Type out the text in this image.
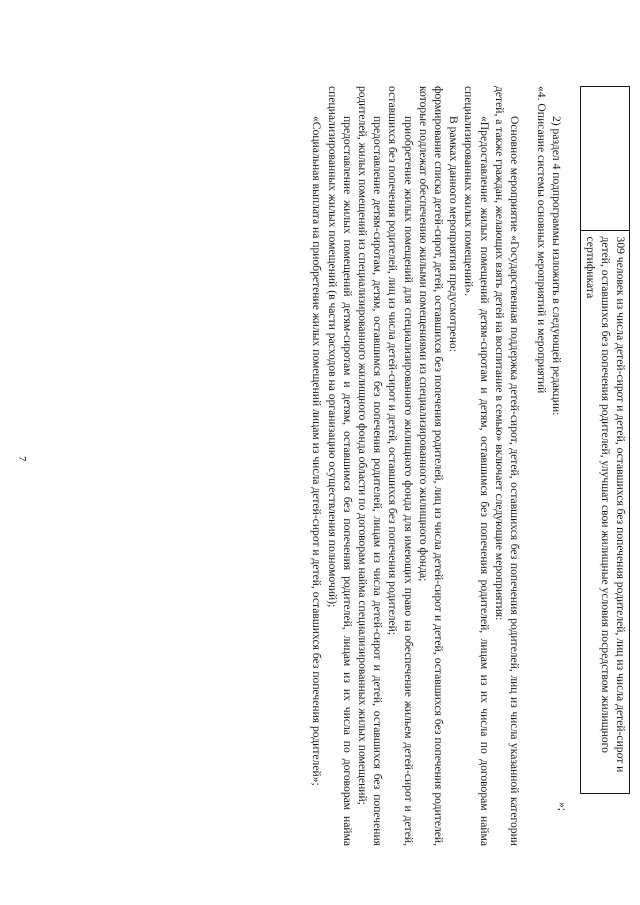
7
		309 человек из числа детей-сирот и детей, оставшихся без попечения родителей, лиц из числа детей-сирот и детей, оставшихся без попечения родителей, улучшат свои жилищные условия посредством жилищного сертификата
»;

2) раздел 4 подпрограммы изложить в следующей редакции:

«4. Описание системы основных мероприятий и мероприятий

Основное мероприятие «Государственная поддержка детей-сирот, детей, оставшихся без попечения родителей, лиц из числа указанной категории детей, а также граждан, желающих взять детей на воспитание в семью» включает следующие мероприятия:

«Предоставление жилых помещений детям-сиротам и детям, оставшимся без попечения родителей, лицам из их числа по договорам найма специализированных жилых помещений».

В рамках данного мероприятия предусмотрено:

формирование списка детей-сирот, детей, оставшихся без попечения родителей, лиц из числа детей-сирот и детей, оставшихся без попечения родителей, которые подлежат обеспечению жилыми помещениями из специализированного жилищного фонда;

приобретение жилых помещений для специализированного жилищного фонда для имеющих право на обеспечение жильем детей-сирот и детей, оставшихся без попечения родителей, лиц из числа детей-сирот и детей, оставшихся без попечения родителей;

предоставление детям-сиротам, детям, оставшимся без попечения родителей, лицам из числа детей-сирот и детей, оставшихся без попечения родителей, жилых помещений из специализированного жилищного фонда области по договорам найма специализированных жилых помещений;

предоставление жилых помещений детям-сиротам и детям, оставшимся без попечения родителей, лицам из их числа по договорам найма специализированных жилых помещений (в части расходов на организацию осуществления полномочий);

«Социальная выплата на приобретение жилых помещений лицам из числа детей-сирот и детей, оставшихся без попечения родителей»;
